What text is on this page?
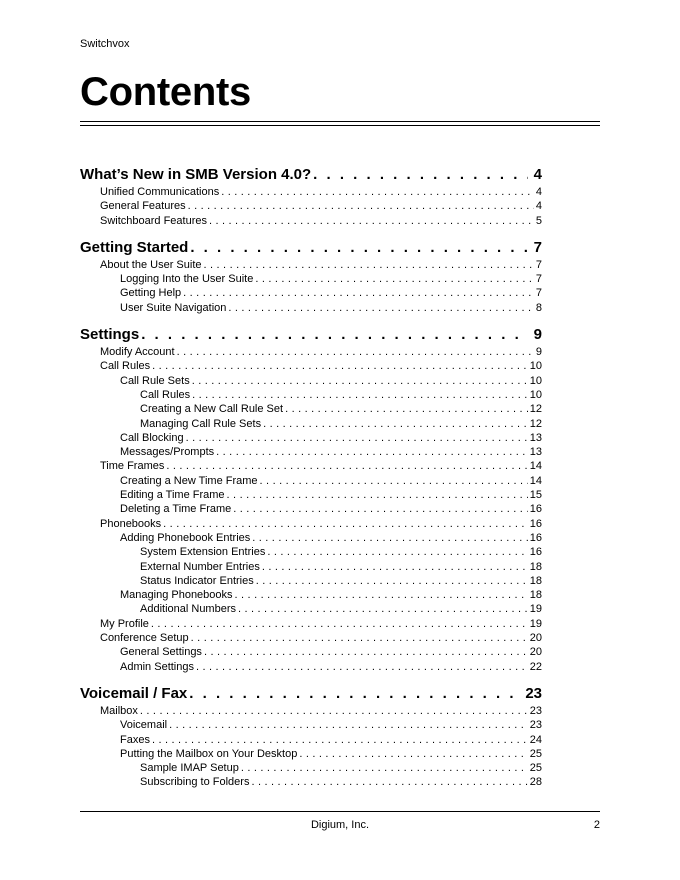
Switchvox
Contents
What’s New in SMB Version 4.0? . . .	4
Unified Communications . . .	4
General Features . . .	4
Switchboard Features . . .	5
Getting Started . . .	7
About the User Suite . . .	7
Logging Into the User Suite . . .	7
Getting Help . . .	7
User Suite Navigation . . .	8
Settings . . .	9
Modify Account . . .	9
Call Rules . . .	10
Call Rule Sets . . .	10
Call Rules . . .	10
Creating a New Call Rule Set . . .	12
Managing Call Rule Sets . . .	12
Call Blocking . . .	13
Messages/Prompts . . .	13
Time Frames . . .	14
Creating a New Time Frame . . .	14
Editing a Time Frame . . .	15
Deleting a Time Frame . . .	16
Phonebooks . . .	16
Adding Phonebook Entries . . .	16
System Extension Entries . . .	16
External Number Entries . . .	18
Status Indicator Entries . . .	18
Managing Phonebooks . . .	18
Additional Numbers . . .	19
My Profile . . .	19
Conference Setup . . .	20
General Settings . . .	20
Admin Settings . . .	22
Voicemail / Fax . . .	23
Mailbox . . .	23
Voicemail . . .	23
Faxes . . .	24
Putting the Mailbox on Your Desktop . . .	25
Sample IMAP Setup . . .	25
Subscribing to Folders . . .	28
Digium, Inc.	2
